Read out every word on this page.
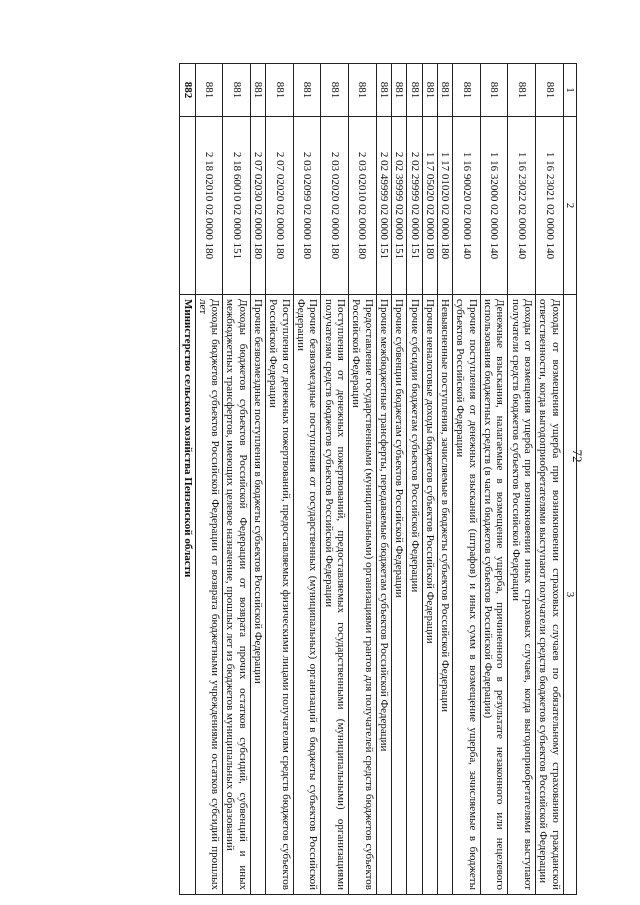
72
1	2	3
881	1 16 23021 02 0000 140	Доходы от возмещения ущерба при возникновении страховых случаев по обязательному страхованию гражданской ответственности, когда выгодоприобретателями выступают получатели средств бюджетов субъектов Российской Федерации
881	1 16 23022 02 0000 140	Доходы от возмещения ущерба при возникновении иных страховых случаев, когда выгодоприобретателями выступают получатели средств бюджетов субъектов Российской Федерации
881	1 16 32000 02 0000 140	Денежные взыскания, налагаемые в возмещение ущерба, причиненного в результате незаконного или нецелевого использования бюджетных средств (в части бюджетов субъектов Российской Федерации)
881	1 16 90020 02 0000 140	Прочие поступления от денежных взысканий (штрафов) и иных сумм в возмещение ущерба, зачисляемые в бюджеты субъектов Российской Федерации
881	1 17 01020 02 0000 180	Невыясненные поступления, зачисляемые в бюджеты субъектов Российской Федерации
881	1 17 05020 02 0000 180	Прочие неналоговые доходы бюджетов субъектов Российской Федерации
881	2 02 29999 02 0000 151	Прочие субсидии бюджетам субъектов Российской Федерации
881	2 02 39999 02 0000 151	Прочие субвенции бюджетам субъектов Российской Федерации
881	2 02 49999 02 0000 151	Прочие межбюджетные трансферты, передаваемые бюджетам субъектов Российской Федерации
881	2 03 02010 02 0000 180	Предоставление государственными (муниципальными) организациями грантов для получателей средств бюджетов субъектов Российской Федерации
881	2 03 02020 02 0000 180	Поступления от денежных пожертвований, предоставляемых государственными (муниципальными) организациями получателям средств бюджетов субъектов Российской Федерации
881	2 03 02099 02 0000 180	Прочие безвозмездные поступления от государственных (муниципальных) организаций в бюджеты субъектов Российской Федерации
881	2 07 02020 02 0000 180	Поступления от денежных пожертвований, предоставляемых физическими лицами получателям средств бюджетов субъектов Российской Федерации
881	2 07 02030 02 0000 180	Прочие безвозмездные поступления в бюджеты субъектов Российской Федерации
881	2 18 60010 02 0000 151	Доходы бюджетов субъектов Российской Федерации от возврата прочих остатков субсидий, субвенций и иных межбюджетных трансфертов, имеющих целевое назначение, прошлых лет из бюджетов муниципальных образований
881	2 18 02010 02 0000 180	Доходы бюджетов субъектов Российской Федерации от возврата бюджетными учреждениями остатков субсидий прошлых лет
882		Министерство сельского хозяйства Пензенской области
